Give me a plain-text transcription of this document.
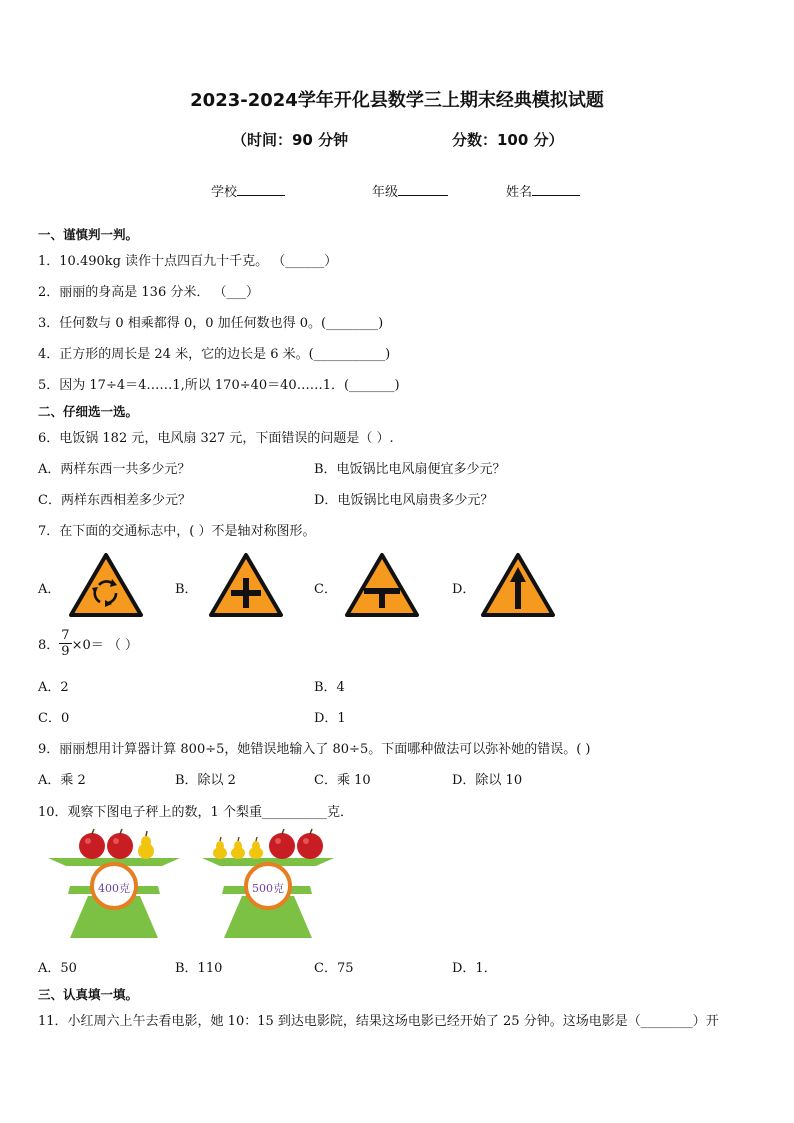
2023-2024学年开化县数学三上期末经典模拟试题
（时间：90 分钟	分数：100 分）
学校	年级	姓名
一、谨慎判一判。
1．10.490kg 读作十点四百九十千克。 （______）
2．丽丽的身高是 136 分米． （___）
3．任何数与 0 相乘都得 0，0 加任何数也得 0。(________)
4．正方形的周长是 24 米，它的边长是 6 米。(___________)
5．因为 17÷4＝4……1,所以 170÷40＝40……1．(_______)
二、仔细选一选。
6．电饭锅 182 元，电风扇 327 元，下面错误的问题是（ ）.
A．两样东西一共多少元？	B．电饭锅比电风扇便宜多少元？
C．两样东西相差多少元？	D．电饭锅比电风扇贵多少元？
7．在下面的交通标志中，( ）不是轴对称图形。
A．	B．	C．	D．
8． $\frac{7}{9} \times 0=$ （ ）
A．2	B．4
C．0	D．1
9．丽丽想用计算器计算 800÷5，她错误地输入了 80÷5。下面哪种做法可以弥补她的错误。( )
A．乘 2	B．除以 2	C．乘 10	D．除以 10
10．观察下图电子秤上的数，1 个梨重__________克．
400克	500克
A．50	B．110	C．75	D．1．
三、认真填一填。
11．小红周六上午去看电影，她 10：15 到达电影院，结果这场电影已经开始了 25 分钟。这场电影是（________）开
